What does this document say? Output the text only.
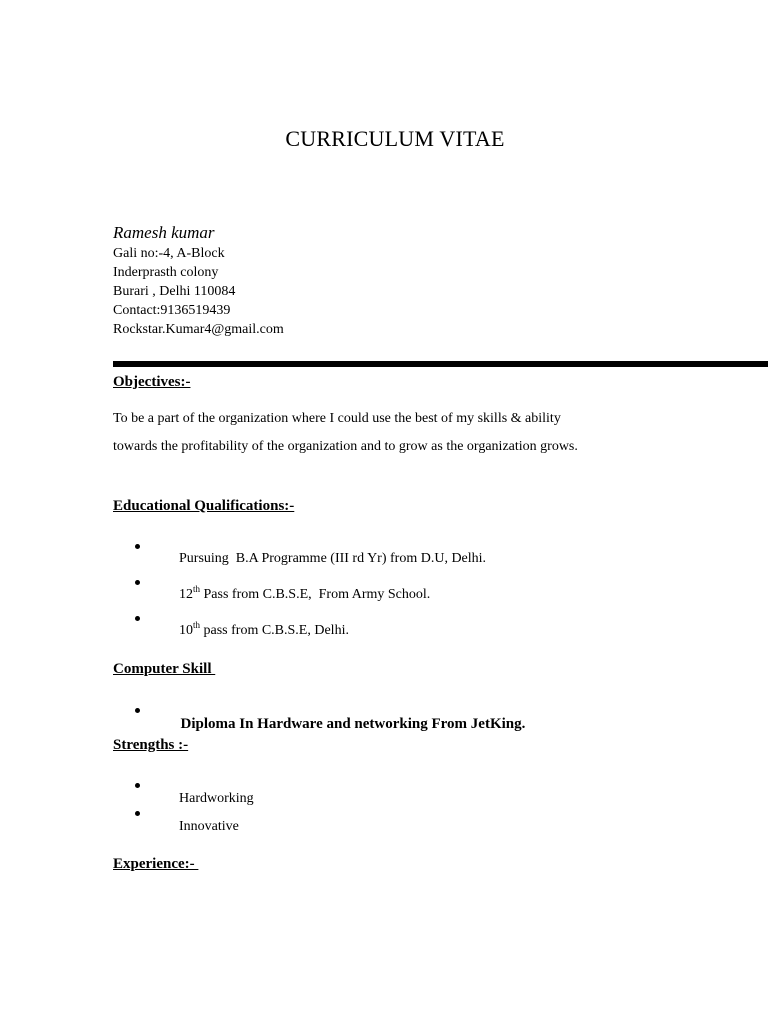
CURRICULUM VITAE
Ramesh kumar
Gali no:-4, A-Block
Inderprasth colony
Burari , Delhi 110084
Contact:9136519439
Rockstar.Kumar4@gmail.com
Objectives:-
To be a part of the organization where I could use the best of my skills & ability
towards the profitability of the organization and to grow as the organization grows.
Educational Qualifications:-

Pursuing  B.A Programme (III rd Yr) from D.U, Delhi.

12th Pass from C.B.S.E,  From Army School.

10th pass from C.B.S.E, Delhi.

Computer Skill

Diploma In Hardware and networking From JetKing.

Strengths :-

Hardworking

Innovative

Experience:-
